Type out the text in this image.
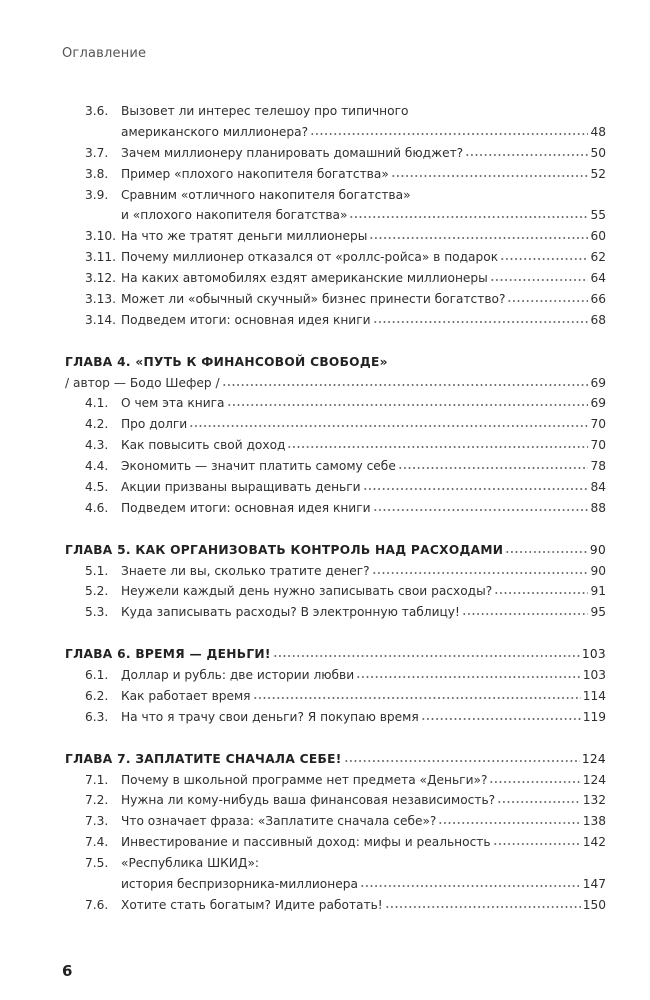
Оглавление
3.6.	Вызовет ли интерес телешоу про типичного
американского миллионера?	48
3.7.	Зачем миллионеру планировать домашний бюджет?	50
3.8.	Пример «плохого накопителя богатства»	52
3.9.	Сравним «отличного накопителя богатства»
и «плохого накопителя богатства»	55
3.10. На что же тратят деньги миллионеры	60
3.11. Почему миллионер отказался от «роллс-ройса» в подарок	62
3.12. На каких автомобилях ездят американские миллионеры	64
3.13. Может ли «обычный скучный» бизнес принести богатство?	66
3.14. Подведем итоги: основная идея книги	68
ГЛАВА 4. «ПУТЬ К ФИНАНСОВОЙ СВОБОДЕ»
/ автор — Бодо Шефер /	69
4.1.	О чем эта книга	69
4.2.	Про долги	70
4.3.	Как повысить свой доход	70
4.4.	Экономить — значит платить самому себе	78
4.5.	Акции призваны выращивать деньги	84
4.6.	Подведем итоги: основная идея книги	88
ГЛАВА 5. КАК ОРГАНИЗОВАТЬ КОНТРОЛЬ НАД РАСХОДАМИ	90
5.1.	Знаете ли вы, сколько тратите денег?	90
5.2.	Неужели каждый день нужно записывать свои расходы?	91
5.3.	Куда записывать расходы? В электронную таблицу!	95
ГЛАВА 6. ВРЕМЯ — ДЕНЬГИ!	103
6.1.	Доллар и рубль: две истории любви	103
6.2.	Как работает время	114
6.3.	На что я трачу свои деньги? Я покупаю время	119
ГЛАВА 7. ЗАПЛАТИТЕ СНАЧАЛА СЕБЕ!	124
7.1.	Почему в школьной программе нет предмета «Деньги»?	124
7.2.	Нужна ли кому-нибудь ваша финансовая независимость?	132
7.3.	Что означает фраза: «Заплатите сначала себе»?	138
7.4.	Инвестирование и пассивный доход: мифы и реальность	142
7.5.	«Республика ШКИД»:
история беспризорника-миллионера	147
7.6.	Хотите стать богатым? Идите работать!	150
6
